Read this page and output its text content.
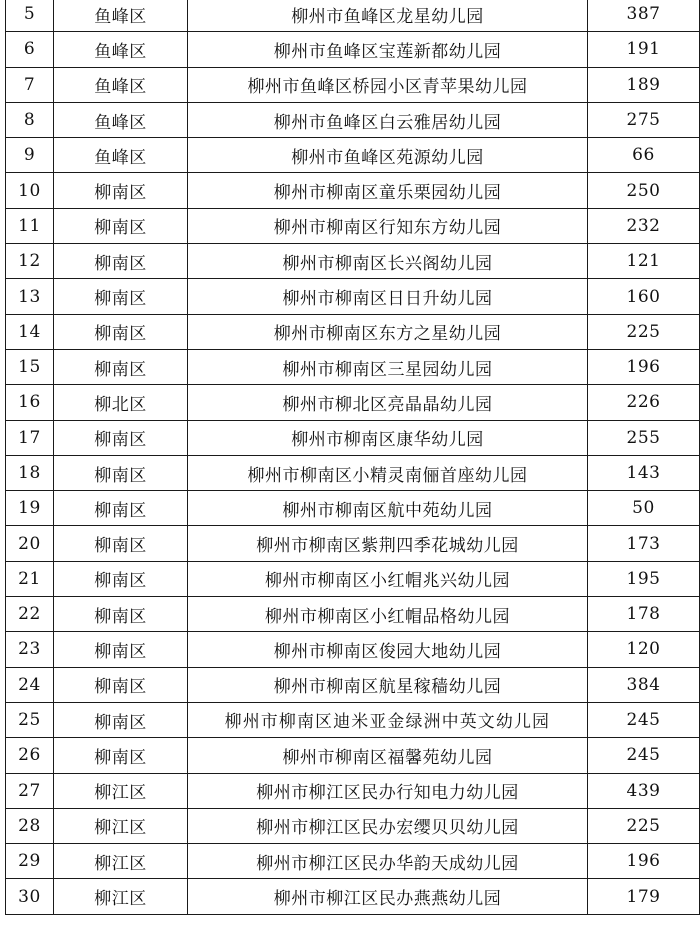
5	鱼峰区	柳州市鱼峰区龙星幼儿园	387
6	鱼峰区	柳州市鱼峰区宝莲新都幼儿园	191
7	鱼峰区	柳州市鱼峰区桥园小区青苹果幼儿园	189
8	鱼峰区	柳州市鱼峰区白云雅居幼儿园	275
9	鱼峰区	柳州市鱼峰区苑源幼儿园	66
10	柳南区	柳州市柳南区童乐栗园幼儿园	250
11	柳南区	柳州市柳南区行知东方幼儿园	232
12	柳南区	柳州市柳南区长兴阁幼儿园	121
13	柳南区	柳州市柳南区日日升幼儿园	160
14	柳南区	柳州市柳南区东方之星幼儿园	225
15	柳南区	柳州市柳南区三星园幼儿园	196
16	柳北区	柳州市柳北区亮晶晶幼儿园	226
17	柳南区	柳州市柳南区康华幼儿园	255
18	柳南区	柳州市柳南区小精灵南俪首座幼儿园	143
19	柳南区	柳州市柳南区航中苑幼儿园	50
20	柳南区	柳州市柳南区紫荆四季花城幼儿园	173
21	柳南区	柳州市柳南区小红帽兆兴幼儿园	195
22	柳南区	柳州市柳南区小红帽品格幼儿园	178
23	柳南区	柳州市柳南区俊园大地幼儿园	120
24	柳南区	柳州市柳南区航星稼穑幼儿园	384
25	柳南区	柳州市柳南区迪米亚金绿洲中英文幼儿园	245
26	柳南区	柳州市柳南区福馨苑幼儿园	245
27	柳江区	柳州市柳江区民办行知电力幼儿园	439
28	柳江区	柳州市柳江区民办宏缨贝贝幼儿园	225
29	柳江区	柳州市柳江区民办华韵天成幼儿园	196
30	柳江区	柳州市柳江区民办燕燕幼儿园	179
